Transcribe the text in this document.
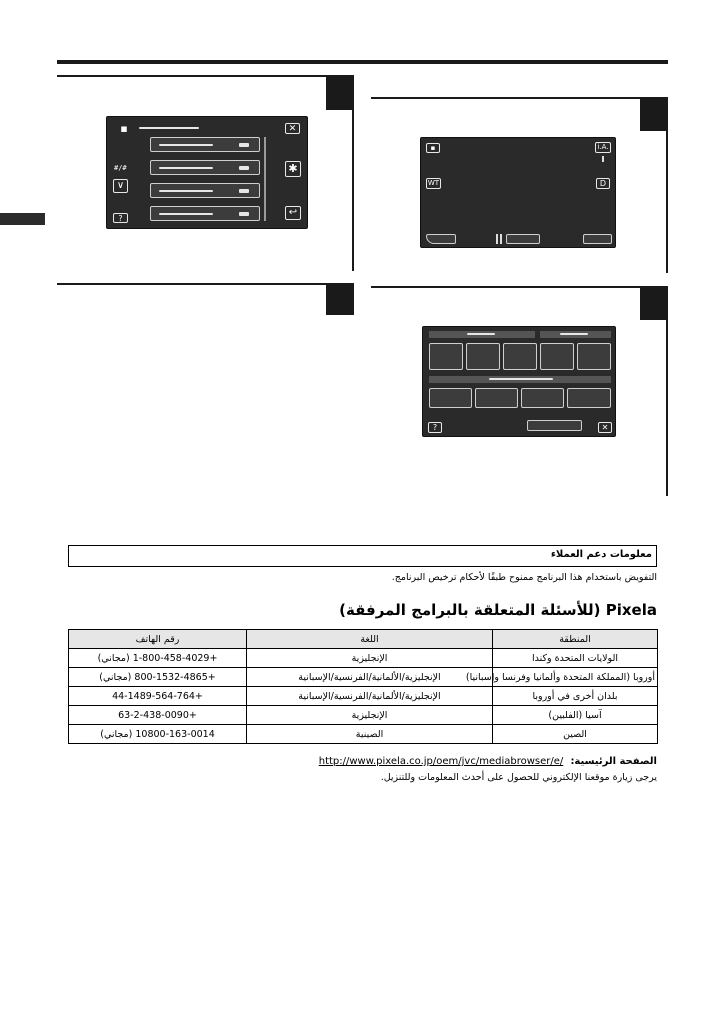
▪	✕
#/#
∨
?
✱
↩
▪	i.A.
WT	D
?	✕
معلومات دعم العملاء
التفويض باستخدام هذا البرنامج ممنوح طبقًا لأحكام ترخيص البرنامج.
Pixela (للأسئلة المتعلقة بالبرامج المرفقة)
رقم الهاتف	اللغة	المنطقة
+1-800-458-4029 (مجاني)	الإنجليزية	الولايات المتحدة وكندا
+800-1532-4865 (مجاني)	الإنجليزية/الألمانية/الفرنسية/الإسبانية	أوروبا (المملكة المتحدة وألمانيا وفرنسا وإسبانيا)
+44-1489-564-764	الإنجليزية/الألمانية/الفرنسية/الإسبانية	بلدان أخرى في أوروبا
+63-2-438-0090	الإنجليزية	آسيا (الفلبين)
10800-163-0014 (مجاني)	الصينية	الصين
الصفحة الرئيسية: http://www.pixela.co.jp/oem/jvc/mediabrowser/e/
يرجى زيارة موقعنا الإلكتروني للحصول على أحدث المعلومات وللتنزيل.
